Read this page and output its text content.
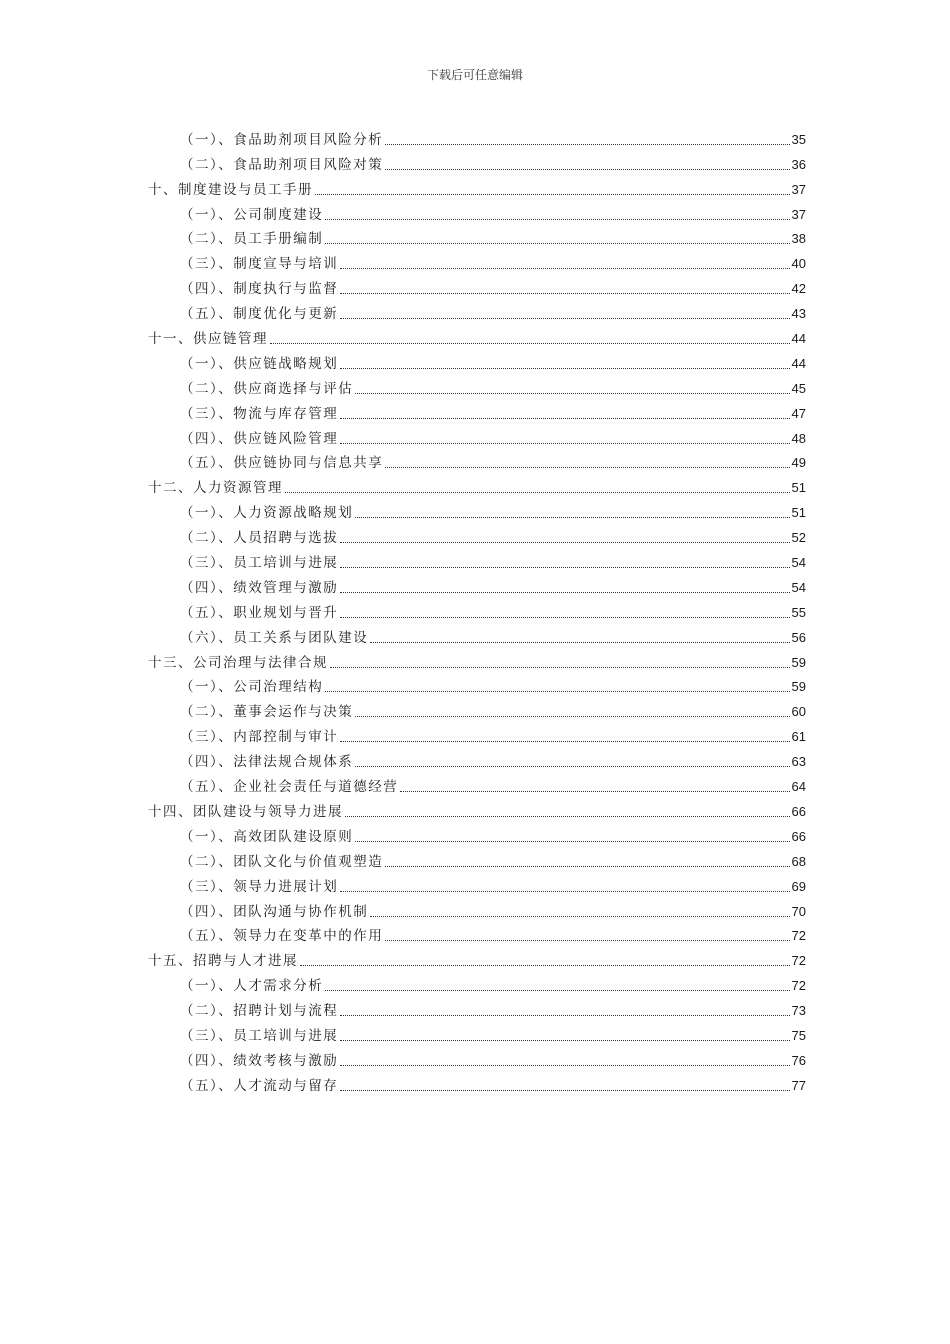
下载后可任意编辑
（一）、食品助剂项目风险分析	35
（二）、食品助剂项目风险对策	36
十、制度建设与员工手册	37
（一）、公司制度建设	37
（二）、员工手册编制	38
（三）、制度宣导与培训	40
（四）、制度执行与监督	42
（五）、制度优化与更新	43
十一、供应链管理	44
（一）、供应链战略规划	44
（二）、供应商选择与评估	45
（三）、物流与库存管理	47
（四）、供应链风险管理	48
（五）、供应链协同与信息共享	49
十二、人力资源管理	51
（一）、人力资源战略规划	51
（二）、人员招聘与选拔	52
（三）、员工培训与进展	54
（四）、绩效管理与激励	54
（五）、职业规划与晋升	55
（六）、员工关系与团队建设	56
十三、公司治理与法律合规	59
（一）、公司治理结构	59
（二）、董事会运作与决策	60
（三）、内部控制与审计	61
（四）、法律法规合规体系	63
（五）、企业社会责任与道德经营	64
十四、团队建设与领导力进展	66
（一）、高效团队建设原则	66
（二）、团队文化与价值观塑造	68
（三）、领导力进展计划	69
（四）、团队沟通与协作机制	70
（五）、领导力在变革中的作用	72
十五、招聘与人才进展	72
（一）、人才需求分析	72
（二）、招聘计划与流程	73
（三）、员工培训与进展	75
（四）、绩效考核与激励	76
（五）、人才流动与留存	77
